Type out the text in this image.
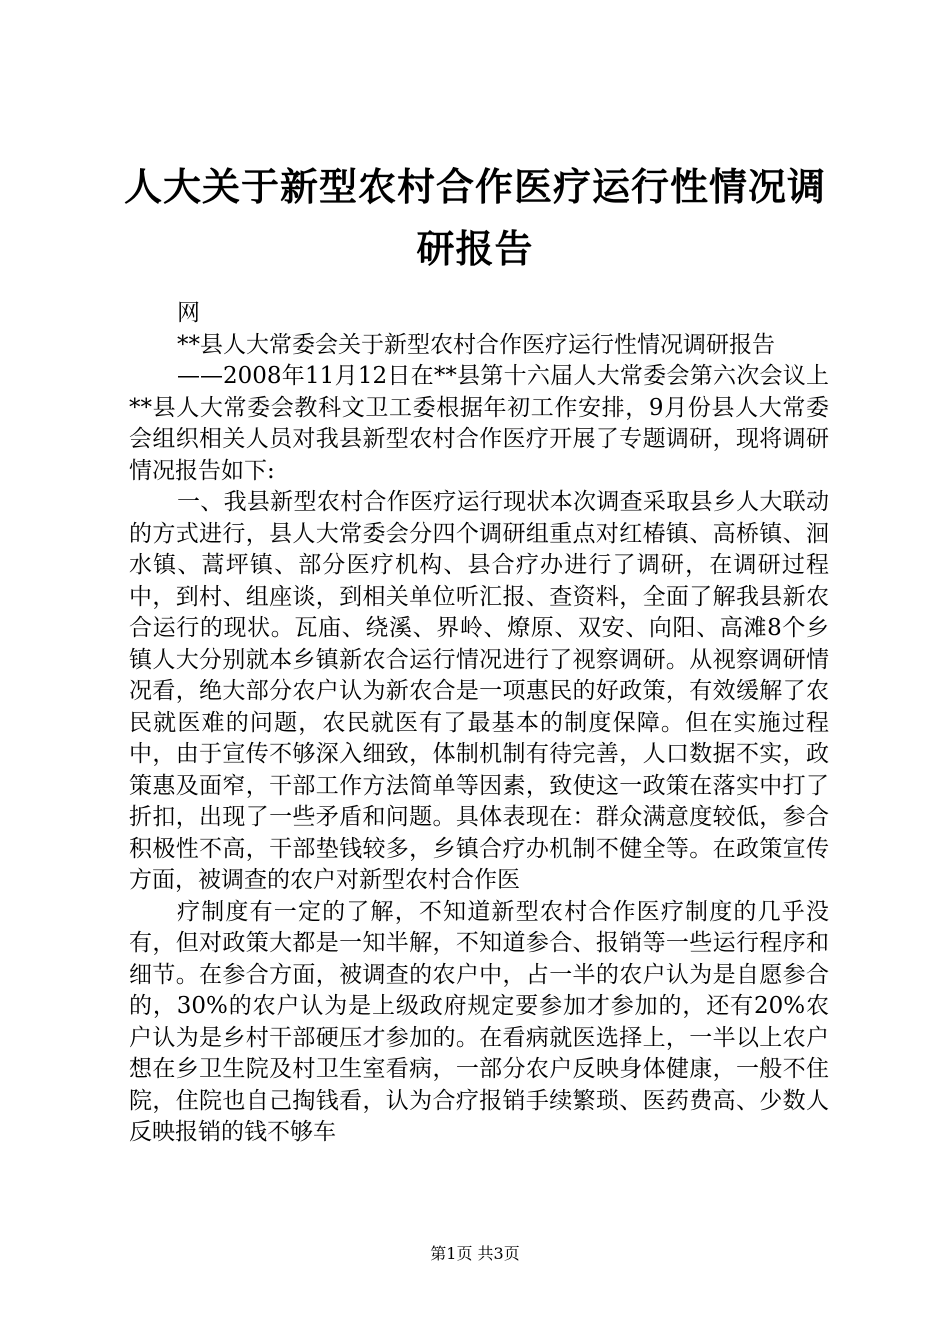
人大关于新型农村合作医疗运行性情况调研报告

网

**县人大常委会关于新型农村合作医疗运行性情况调研报告

——2008年11月12日在**县第十六届人大常委会第六次会议上**县人大常委会教科文卫工委根据年初工作安排，9月份县人大常委会组织相关人员对我县新型农村合作医疗开展了专题调研，现将调研情况报告如下:

一、我县新型农村合作医疗运行现状本次调查采取县乡人大联动的方式进行，县人大常委会分四个调研组重点对红椿镇、高桥镇、洄水镇、蒿坪镇、部分医疗机构、县合疗办进行了调研，在调研过程中，到村、组座谈，到相关单位听汇报、查资料，全面了解我县新农合运行的现状。瓦庙、绕溪、界岭、燎原、双安、向阳、高滩8个乡镇人大分别就本乡镇新农合运行情况进行了视察调研。从视察调研情况看，绝大部分农户认为新农合是一项惠民的好政策，有效缓解了农民就医难的问题，农民就医有了最基本的制度保障。但在实施过程中，由于宣传不够深入细致，体制机制有待完善，人口数据不实，政策惠及面窄，干部工作方法简单等因素，致使这一政策在落实中打了折扣，出现了一些矛盾和问题。具体表现在：群众满意度较低，参合积极性不高，干部垫钱较多，乡镇合疗办机制不健全等。在政策宣传方面，被调查的农户对新型农村合作医

疗制度有一定的了解，不知道新型农村合作医疗制度的几乎没有，但对政策大都是一知半解，不知道参合、报销等一些运行程序和细节。在参合方面，被调查的农户中，占一半的农户认为是自愿参合的，30%的农户认为是上级政府规定要参加才参加的，还有20%农户认为是乡村干部硬压才参加的。在看病就医选择上，一半以上农户想在乡卫生院及村卫生室看病，一部分农户反映身体健康，一般不住院，住院也自己掏钱看，认为合疗报销手续繁琐、医药费高、少数人反映报销的钱不够车

第1页 共3页
